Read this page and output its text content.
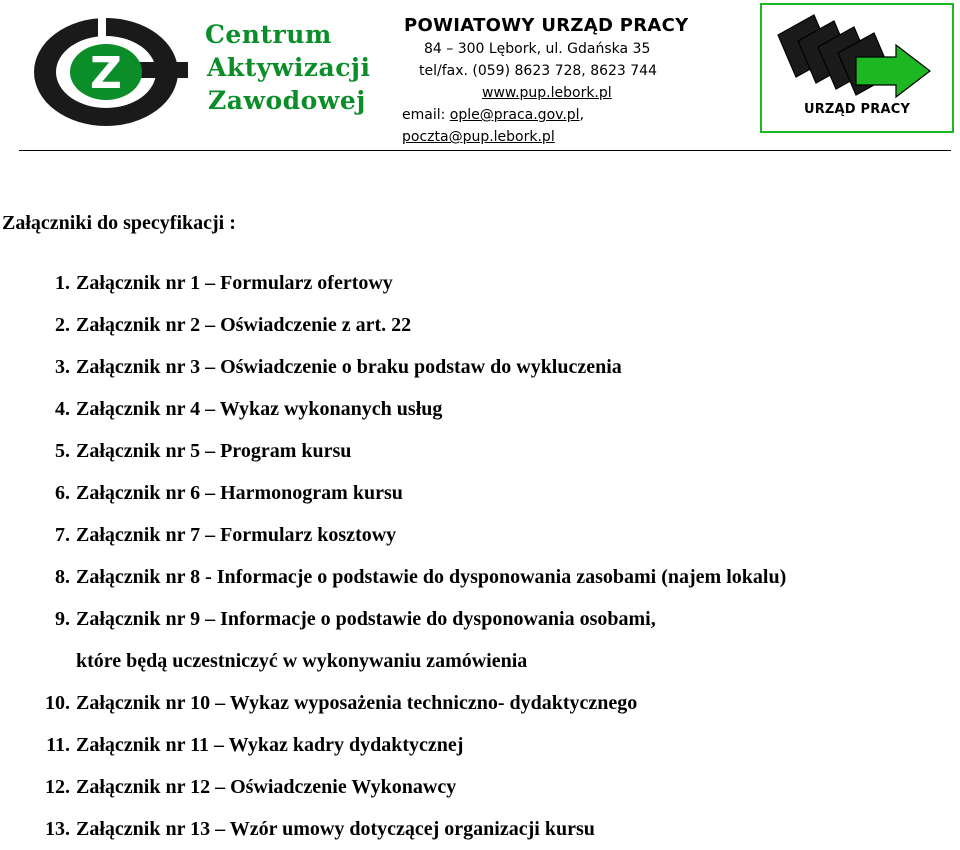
Z
Centrum
Aktywizacji
Zawodowej
POWIATOWY URZĄD PRACY
84 – 300 Lębork, ul. Gdańska 35
tel/fax. (059) 8623 728, 8623 744
www.pup.lebork.pl
email: ople@praca.gov.pl, poczta@pup.lebork.pl
URZĄD PRACY
Załączniki do specyfikacji :
1. Załącznik nr 1 – Formularz ofertowy
2. Załącznik nr 2 – Oświadczenie z art. 22
3. Załącznik nr 3 – Oświadczenie o braku podstaw do wykluczenia
4. Załącznik nr 4 – Wykaz wykonanych usług
5. Załącznik nr 5 – Program kursu
6. Załącznik nr 6 – Harmonogram kursu
7. Załącznik nr 7 – Formularz kosztowy
8. Załącznik nr 8 - Informacje o podstawie do dysponowania zasobami (najem lokalu)
9. Załącznik nr 9 – Informacje o podstawie do dysponowania osobami,
które będą uczestniczyć w wykonywaniu zamówienia
10. Załącznik nr 10 – Wykaz wyposażenia techniczno- dydaktycznego
11. Załącznik nr 11 – Wykaz kadry dydaktycznej
12. Załącznik nr 12 – Oświadczenie Wykonawcy
13. Załącznik nr 13 – Wzór umowy dotyczącej organizacji kursu
